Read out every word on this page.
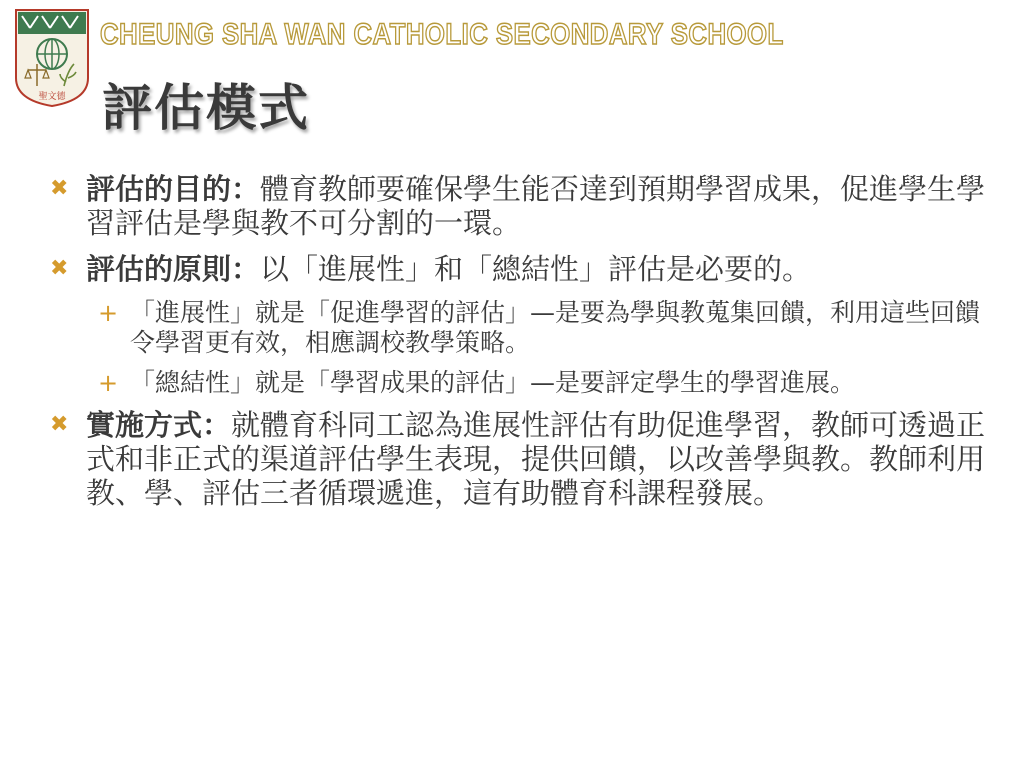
聖文德
CHEUNG SHA WAN CATHOLIC SECONDARY SCHOOL
評估模式
✖ 評估的目的：體育教師要確保學生能否達到預期學習成果，促進學生學習評估是學與教不可分割的一環。
✖ 評估的原則：以「進展性」和「總結性」評估是必要的。
+ 「進展性」就是「促進學習的評估」—是要為學與教蒐集回饋，利用這些回饋令學習更有效，相應調校教學策略。
+ 「總結性」就是「學習成果的評估」—是要評定學生的學習進展。
✖ 實施方式：就體育科同工認為進展性評估有助促進學習，教師可透過正式和非正式的渠道評估學生表現，提供回饋，以改善學與教。教師利用教、學、評估三者循環遞進，這有助體育科課程發展。
